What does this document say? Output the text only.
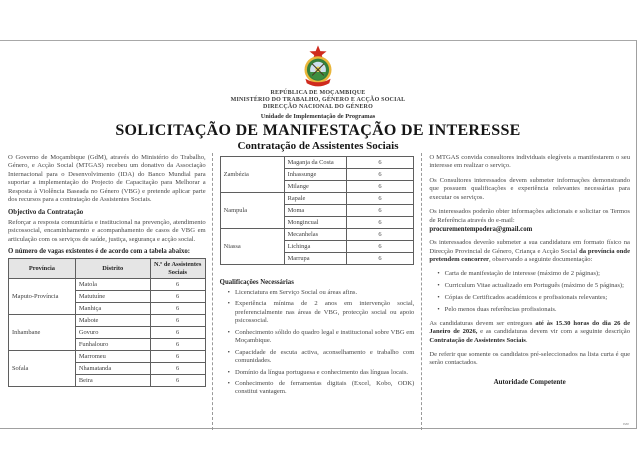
REPÚBLICA DE MOÇAMBIQUE
MINISTÉRIO DO TRABALHO, GÉNERO E ACÇÃO SOCIAL
DIRECÇÃO NACIONAL DO GÉNERO
Unidade de Implementação de Programas
SOLICITAÇÃO DE MANIFESTAÇÃO DE INTERESSE
Contratação de Assistentes Sociais

O Governo de Moçambique (GdM), através do Ministério do Trabalho, Género, e Acção Social (MTGAS) recebeu um donativo da Associação Internacional para o Desenvolvimento (IDA) do Banco Mundial para suportar a implementação do Projecto de Capacitação para Melhorar a Resposta à Violência Baseada no Género (VBG) e pretende aplicar parte dos recursos para a contratação de Assistentes Sociais.

Objectivo da Contratação

Reforçar a resposta comunitária e institucional na prevenção, atendimento psicossocial, encaminhamento e acompanhamento de casos de VBG em articulação com os serviços de saúde, justiça, segurança e acção social.

O número de vagas existentes é de acordo com a tabela abaixo:
Província	Distrito	N.º de Assistentes Sociais
Maputo-Província	Matola	6
	Matutuíne	6
	Manhiça	6
Inhambane	Mabote	6
	Govuro	6
	Funhalouro	6
Sofala	Marromeu	6
	Nhamatanda	6
	Beira	6
Zambézia	Maganja da Costa	6
	Inhassunge	6
	Milange	6
Nampula	Rapale	6
	Moma	6
	Mongincual	6
Niassa	Mecanhelas	6
	Lichinga	6
	Marrupa	6
Qualificações Necessárias
• Licenciatura em Serviço Social ou áreas afins.
• Experiência mínima de 2 anos em intervenção social, preferencialmente nas áreas de VBG, protecção social ou apoio psicossocial.
• Conhecimento sólido do quadro legal e institucional sobre VBG em Moçambique.
• Capacidade de escuta activa, aconselhamento e trabalho com comunidades.
• Domínio da língua portuguesa e conhecimento das línguas locais.
• Conhecimento de ferramentas digitais (Excel, Kobo, ODK) constitui vantagem.

O MTGAS convida consultores individuais elegíveis a manifestarem o seu interesse em realizar o serviço.

Os Consultores interessados devem submeter informações demonstrando que possuem qualificações e experiência relevantes necessárias para executar os serviços.

Os interessados poderão obter informações adicionais e solicitar os Termos de Referência através do e-mail:

procurementempodera@gmail.com

Os interessados deverão submeter a sua candidatura em formato físico na Direcção Provincial de Género, Criança e Acção Social da província onde pretendem concorrer, observando a seguinte documentação:

• Carta de manifestação de interesse (máximo de 2 páginas);
• Curriculum Vitae actualizado em Português (máximo de 5 páginas);
• Cópias de Certificados académicos e profissionais relevantes;
• Pelo menos duas referências profissionais.

As candidaturas devem ser entregues até às 15.30 horas do dia 26 de Janeiro de 2026, e as candidaturas devem vir com a seguinte descrição Contratação de Assistentes Sociais.

De referir que somente os candidatos pré-seleccionados na lista curta é que serão contactados.

Autoridade Competente
nar
